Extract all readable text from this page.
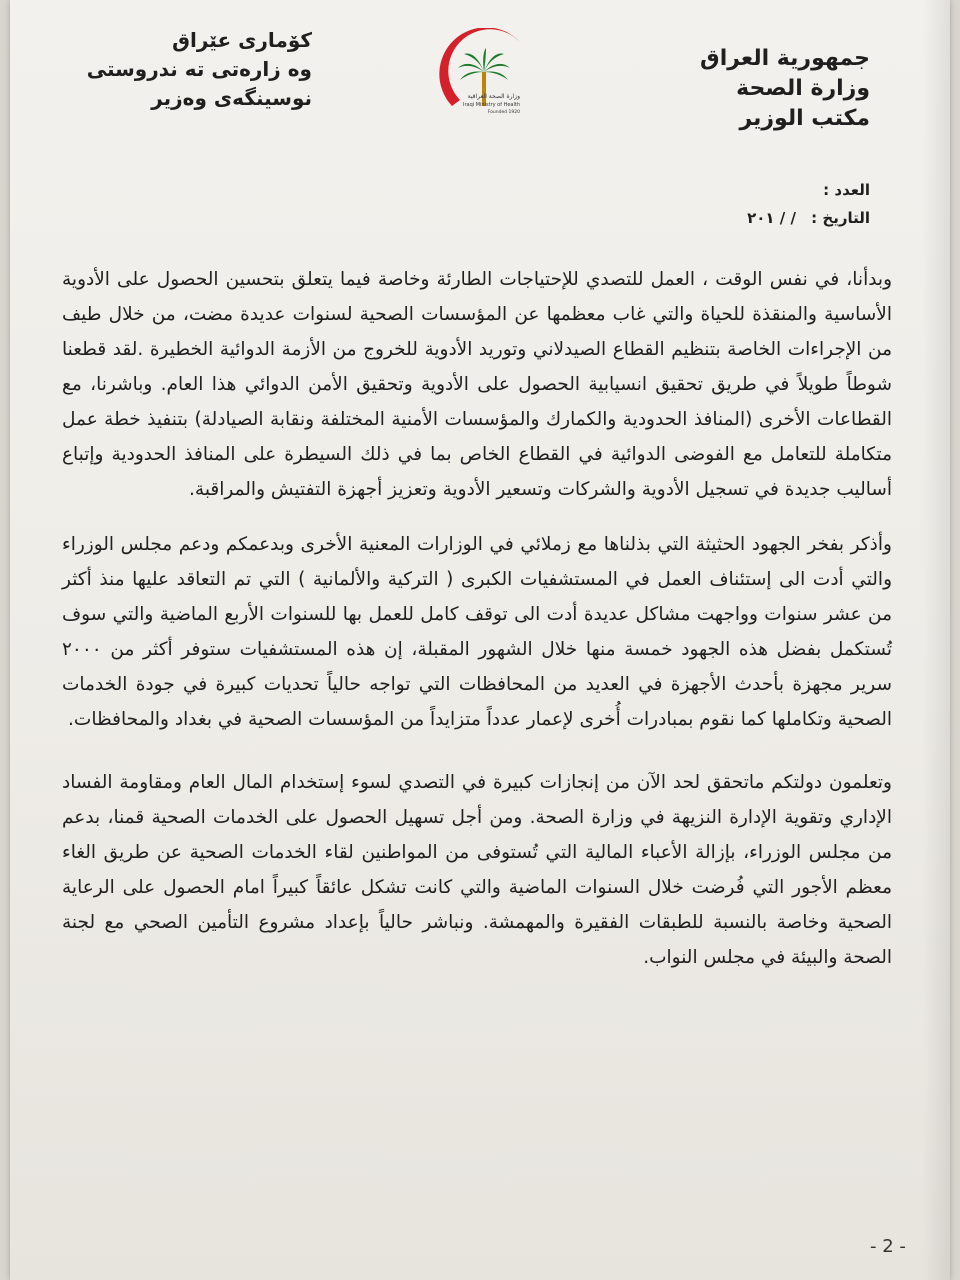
جمهورية العراق
وزارة الصحة
مكتب الوزير
وزارة الصحة العراقية
Iraqi Ministry of Health
Founded 1920
كۆمارى عێراق
وه زارەتى تە ندروستى
نوسينگەى وەزير
العدد :
التاريخ : / / ٢٠١

وبدأنا، في نفس الوقت ، العمل للتصدي للإحتياجات الطارئة وخاصة فيما يتعلق بتحسين الحصول على الأدوية الأساسية والمنقذة للحياة والتي غاب معظمها عن المؤسسات الصحية لسنوات عديدة مضت، من خلال طيف من الإجراءات الخاصة بتنظيم القطاع الصيدلاني وتوريد الأدوية للخروج من الأزمة الدوائية الخطيرة .لقد قطعنا شوطاً طويلاً في طريق تحقيق انسيابية الحصول على الأدوية وتحقيق الأمن الدوائي هذا العام. وباشرنا، مع القطاعات الأخرى (المنافذ الحدودية والكمارك والمؤسسات الأمنية المختلفة ونقابة الصيادلة) بتنفيذ خطة عمل متكاملة للتعامل مع الفوضى الدوائية في القطاع الخاص بما في ذلك السيطرة على المنافذ الحدودية وإتباع أساليب جديدة في تسجيل الأدوية والشركات وتسعير الأدوية وتعزيز أجهزة التفتيش والمراقبة.

وأذكر بفخر الجهود الحثيثة التي بذلناها مع زملائي في الوزارات المعنية الأخرى وبدعمكم ودعم مجلس الوزراء والتي أدت الى إستئناف العمل في المستشفيات الكبرى ( التركية والألمانية ) التي تم التعاقد عليها منذ أكثر من عشر سنوات وواجهت مشاكل عديدة أدت الى توقف كامل للعمل بها للسنوات الأربع الماضية والتي سوف تُستكمل بفضل هذه الجهود خمسة منها خلال الشهور المقبلة، إن هذه المستشفيات ستوفر أكثر من ٢٠٠٠ سرير مجهزة بأحدث الأجهزة في العديد من المحافظات التي تواجه حالياً تحديات كبيرة في جودة الخدمات الصحية وتكاملها كما نقوم بمبادرات أُخرى لإعمار عدداً متزايداً من المؤسسات الصحية في بغداد والمحافظات.

وتعلمون دولتكم ماتحقق لحد الآن من إنجازات كبيرة في التصدي لسوء إستخدام المال العام ومقاومة الفساد الإداري وتقوية الإدارة النزيهة في وزارة الصحة. ومن أجل تسهيل الحصول على الخدمات الصحية قمنا، بدعم من مجلس الوزراء، بإزالة الأعباء المالية التي تُستوفى من المواطنين لقاء الخدمات الصحية عن طريق الغاء معظم الأجور التي فُرضت خلال السنوات الماضية والتي كانت تشكل عائقاً كبيراً امام الحصول على الرعاية الصحية وخاصة بالنسبة للطبقات الفقيرة والمهمشة. ونباشر حالياً بإعداد مشروع التأمين الصحي مع لجنة الصحة والبيئة في مجلس النواب.

- 2 -
